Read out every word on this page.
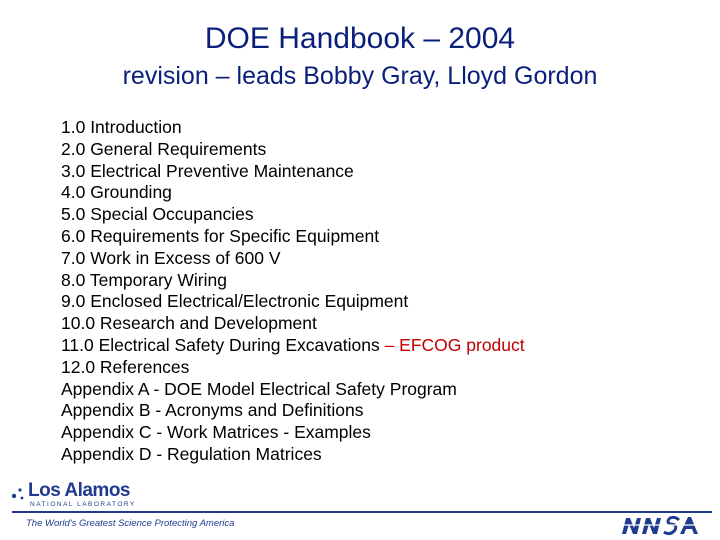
DOE Handbook – 2004
revision – leads Bobby Gray, Lloyd Gordon
1.0 Introduction
2.0 General Requirements
3.0 Electrical Preventive Maintenance
4.0 Grounding
5.0 Special Occupancies
6.0 Requirements for Specific Equipment
7.0 Work in Excess of 600 V
8.0 Temporary Wiring
9.0 Enclosed Electrical/Electronic Equipment
10.0 Research and Development
11.0 Electrical Safety During Excavations – EFCOG product
12.0 References
Appendix A - DOE Model Electrical Safety Program
Appendix B - Acronyms and Definitions
Appendix C - Work Matrices - Examples
Appendix D - Regulation Matrices
Los Alamos
NATIONAL LABORATORY
The World's Greatest Science Protecting America
